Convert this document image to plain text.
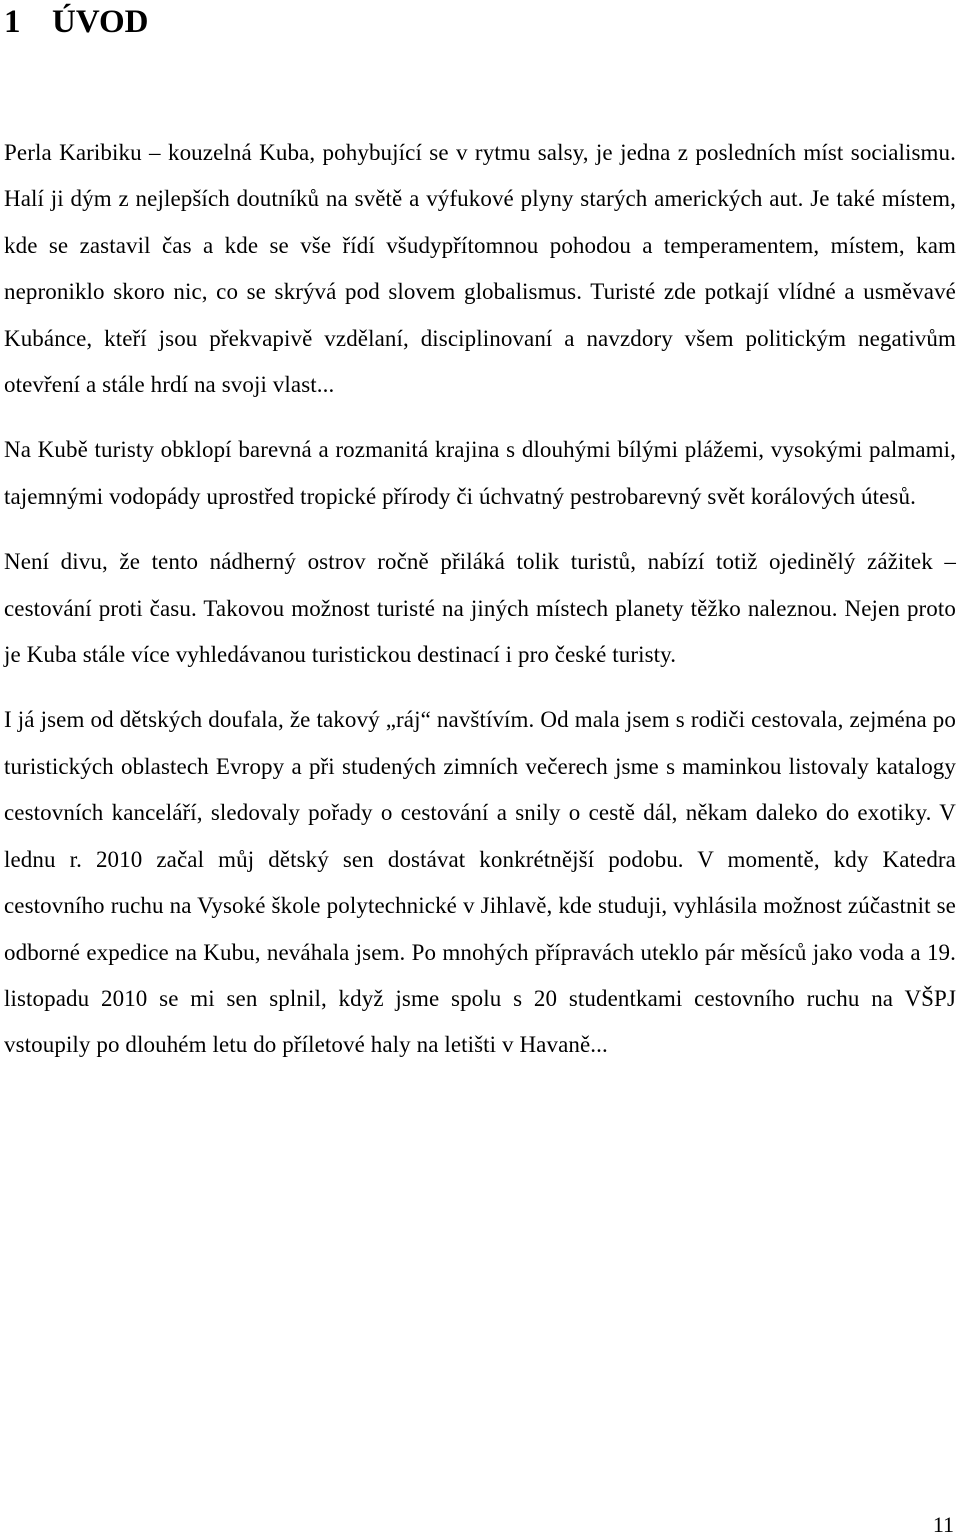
1 ÚVOD

Perla Karibiku – kouzelná Kuba, pohybující se v rytmu salsy, je jedna z posledních míst socialismu. Halí ji dým z nejlepších doutníků na světě a výfukové plyny starých amerických aut. Je také místem, kde se zastavil čas a kde se vše řídí všudypřítomnou pohodou a temperamentem, místem, kam neproniklo skoro nic, co se skrývá pod slovem globalismus. Turisté zde potkají vlídné a usměvavé Kubánce, kteří jsou překvapivě vzdělaní, disciplinovaní a navzdory všem politickým negativům otevření a stále hrdí na svoji vlast...

Na Kubě turisty obklopí barevná a rozmanitá krajina s dlouhými bílými plážemi, vysokými palmami, tajemnými vodopády uprostřed tropické přírody či úchvatný pestrobarevný svět korálových útesů.

Není divu, že tento nádherný ostrov ročně přiláká tolik turistů, nabízí totiž ojedinělý zážitek – cestování proti času. Takovou možnost turisté na jiných místech planety těžko naleznou. Nejen proto je Kuba stále více vyhledávanou turistickou destinací i pro české turisty.

I já jsem od dětských doufala, že takový „ráj“ navštívím. Od mala jsem s rodiči cestovala, zejména po turistických oblastech Evropy a při studených zimních večerech jsme s maminkou listovaly katalogy cestovních kanceláří, sledovaly pořady o cestování a snily o cestě dál, někam daleko do exotiky. V lednu r. 2010 začal můj dětský sen dostávat konkrétnější podobu. V momentě, kdy Katedra cestovního ruchu na Vysoké škole polytechnické v Jihlavě, kde studuji, vyhlásila možnost zúčastnit se odborné expedice na Kubu, neváhala jsem. Po mnohých přípravách uteklo pár měsíců jako voda a 19. listopadu 2010 se mi sen splnil, když jsme spolu s 20 studentkami cestovního ruchu na VŠPJ vstoupily po dlouhém letu do příletové haly na letišti v Havaně...

11
